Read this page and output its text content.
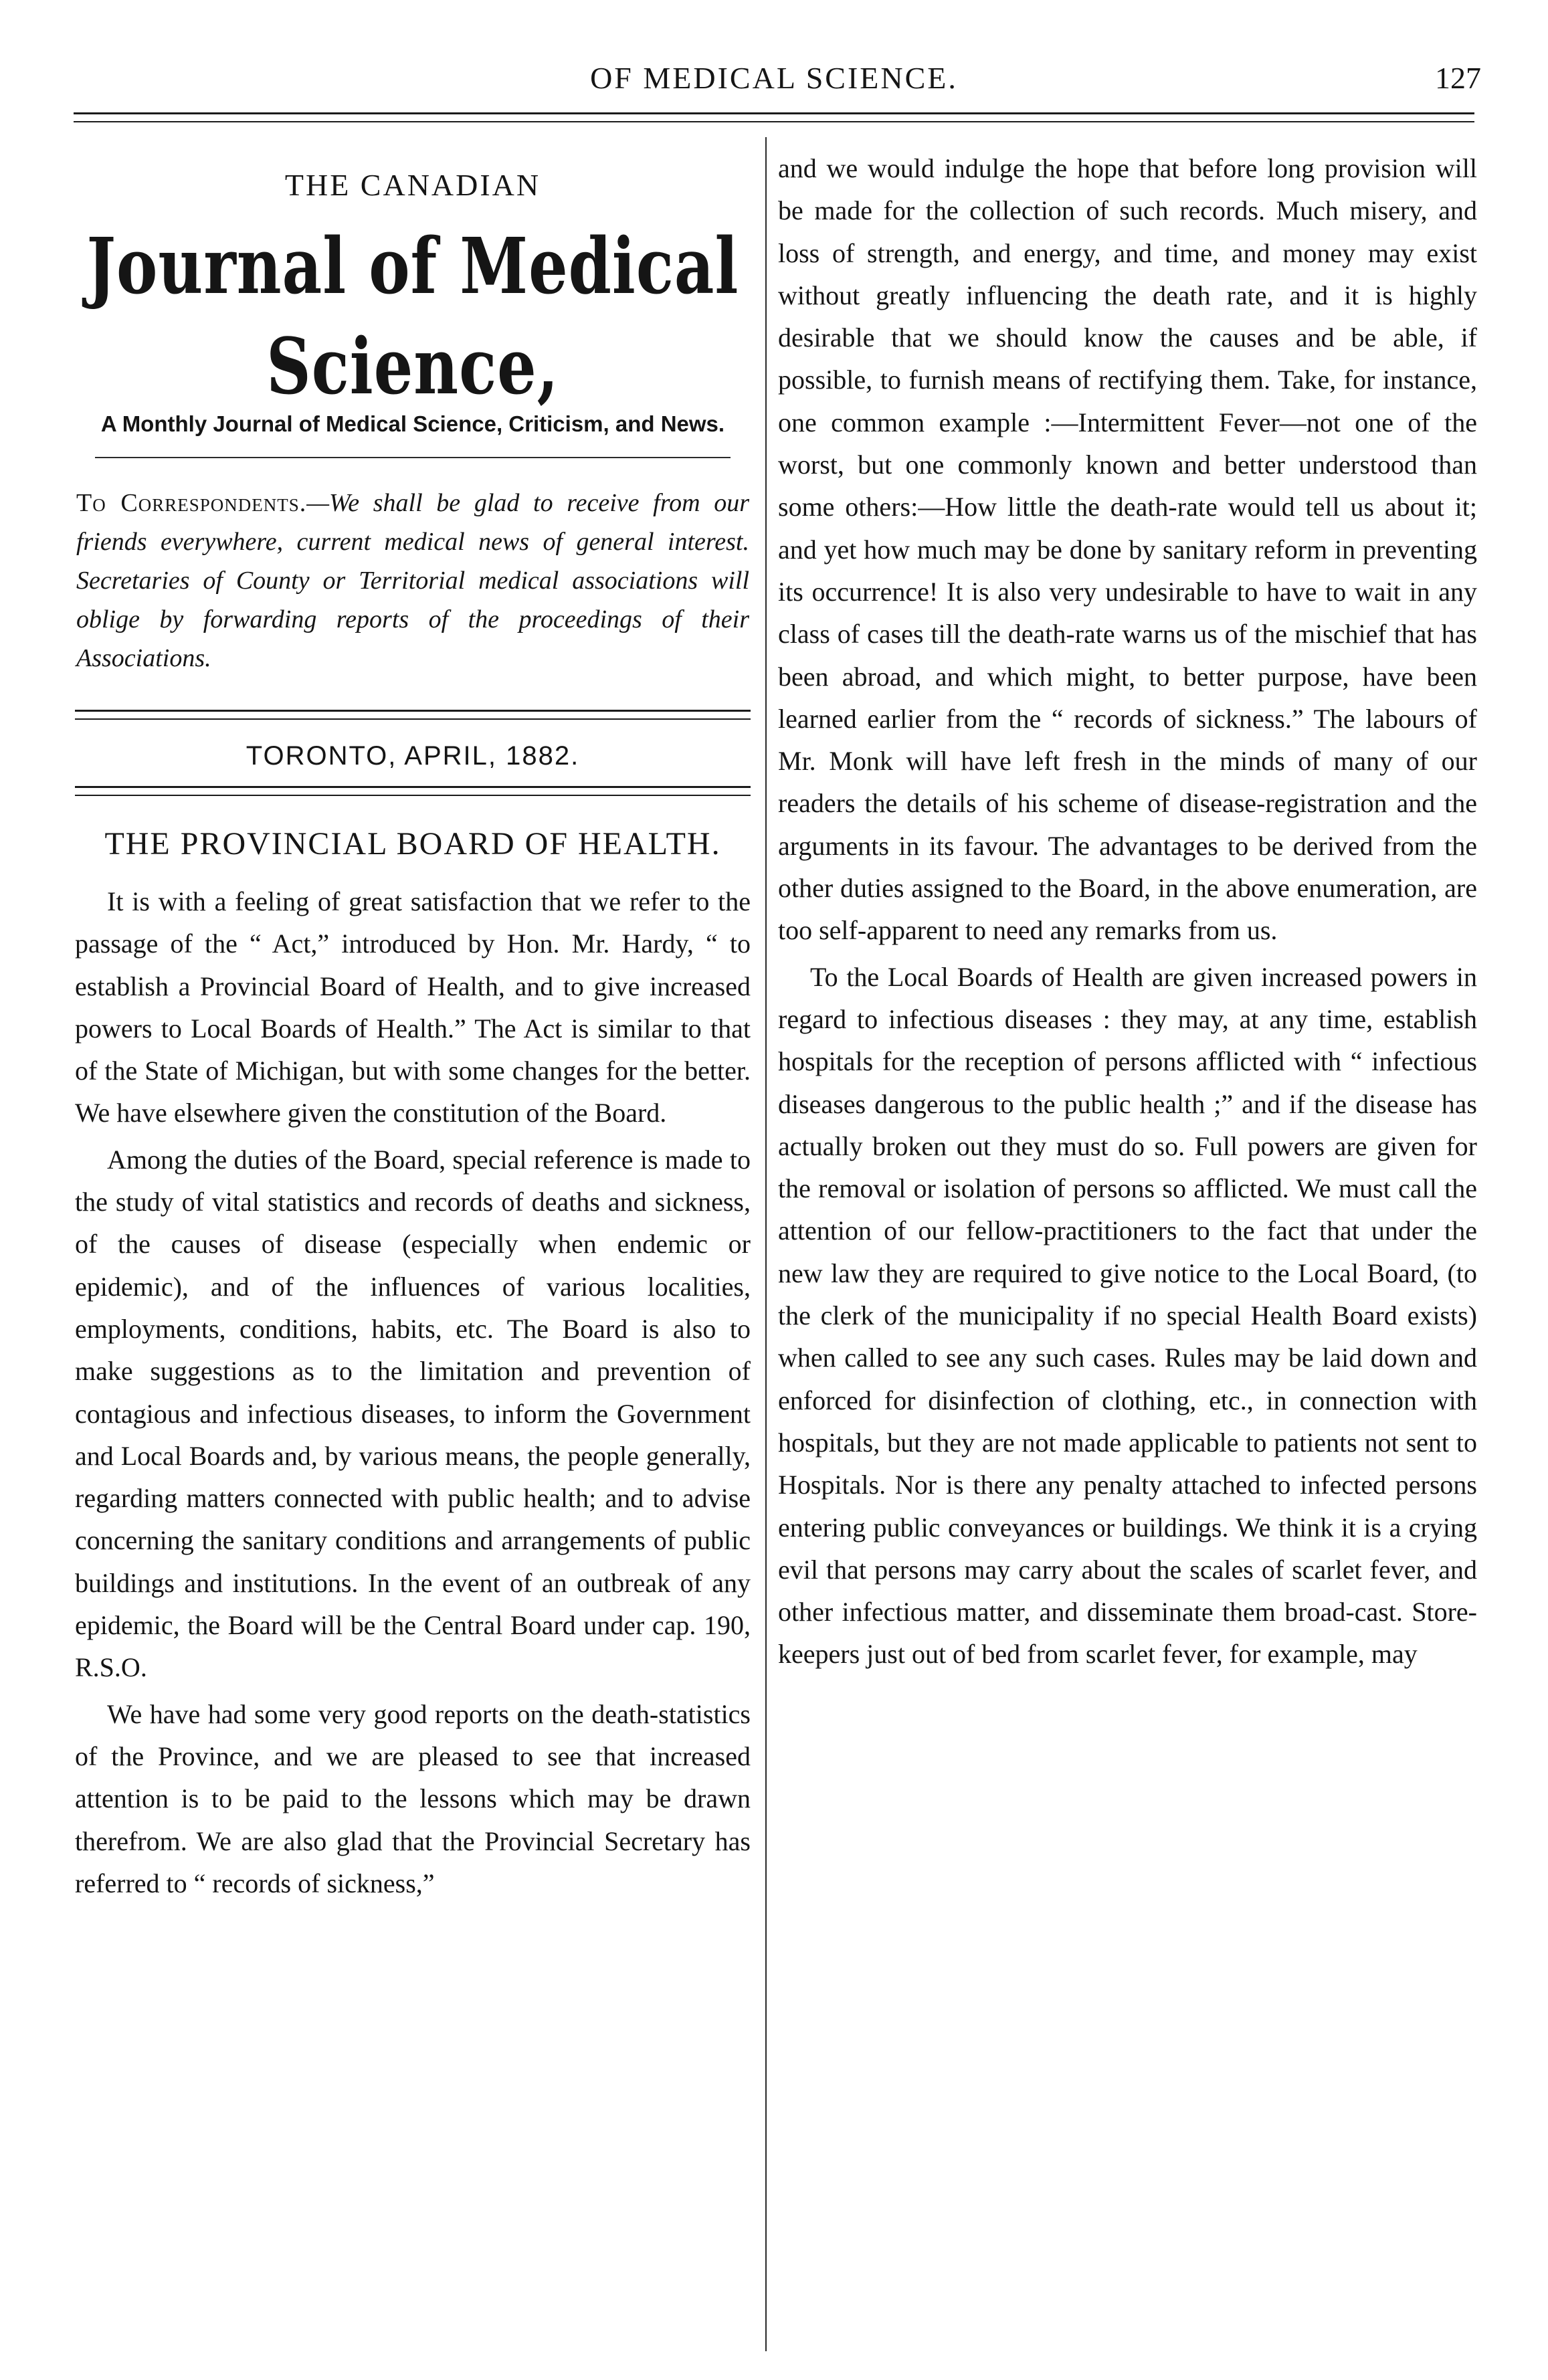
OF MEDICAL SCIENCE.	127
THE CANADIAN
Journal of Medical Science,
A Monthly Journal of Medical Science, Criticism, and News.

To Correspondents.—We shall be glad to receive from our friends everywhere, current medical news of general interest. Secretaries of County or Territorial medical associations will oblige by forwarding reports of the proceedings of their Associations.

TORONTO, APRIL, 1882.
THE PROVINCIAL BOARD OF HEALTH.

It is with a feeling of great satisfaction that we refer to the passage of the “ Act,” introduced by Hon. Mr. Hardy, “ to establish a Provincial Board of Health, and to give increased powers to Local Boards of Health.” The Act is similar to that of the State of Michigan, but with some changes for the better. We have elsewhere given the constitution of the Board.

Among the duties of the Board, special reference is made to the study of vital statistics and records of deaths and sickness, of the causes of disease (especially when endemic or epidemic), and of the influences of various localities, employments, conditions, habits, etc. The Board is also to make suggestions as to the limitation and prevention of contagious and infectious diseases, to inform the Government and Local Boards and, by various means, the people generally, regarding matters connected with public health; and to advise concerning the sanitary conditions and arrangements of public buildings and institutions. In the event of an outbreak of any epidemic, the Board will be the Central Board under cap. 190, R.S.O.

We have had some very good reports on the death-statistics of the Province, and we are pleased to see that increased attention is to be paid to the lessons which may be drawn therefrom. We are also glad that the Provincial Secretary has referred to “ records of sickness,”

and we would indulge the hope that before long provision will be made for the collection of such records. Much misery, and loss of strength, and energy, and time, and money may exist without greatly influencing the death rate, and it is highly desirable that we should know the causes and be able, if possible, to furnish means of rectifying them. Take, for instance, one common example :—Intermittent Fever—not one of the worst, but one commonly known and better understood than some others:—How little the death-rate would tell us about it; and yet how much may be done by sanitary reform in preventing its occurrence! It is also very undesirable to have to wait in any class of cases till the death-rate warns us of the mischief that has been abroad, and which might, to better purpose, have been learned earlier from the “ records of sickness.” The labours of Mr. Monk will have left fresh in the minds of many of our readers the details of his scheme of disease-registration and the arguments in its favour. The advantages to be derived from the other duties assigned to the Board, in the above enumeration, are too self-apparent to need any remarks from us.

To the Local Boards of Health are given increased powers in regard to infectious diseases : they may, at any time, establish hospitals for the reception of persons afflicted with “ infectious diseases dangerous to the public health ;” and if the disease has actually broken out they must do so. Full powers are given for the removal or isolation of persons so afflicted. We must call the attention of our fellow-practitioners to the fact that under the new law they are required to give notice to the Local Board, (to the clerk of the municipality if no special Health Board exists) when called to see any such cases. Rules may be laid down and enforced for disinfection of clothing, etc., in connection with hospitals, but they are not made applicable to patients not sent to Hospitals. Nor is there any penalty attached to infected persons entering public conveyances or buildings. We think it is a crying evil that persons may carry about the scales of scarlet fever, and other infectious matter, and disseminate them broad-cast. Store-keepers just out of bed from scarlet fever, for example, may
